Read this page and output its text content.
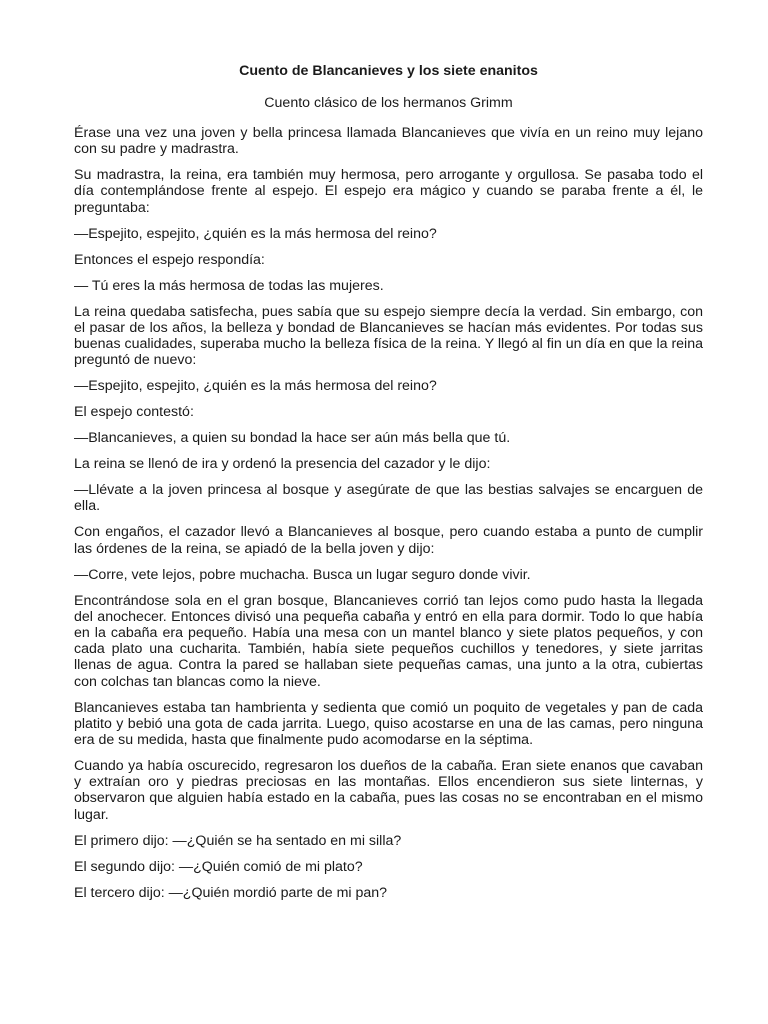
Cuento de Blancanieves y los siete enanitos
Cuento clásico de los hermanos Grimm

Érase una vez una joven y bella princesa llamada Blancanieves que vivía en un reino muy lejano con su padre y madrastra.

Su madrastra, la reina, era también muy hermosa, pero arrogante y orgullosa. Se pasaba todo el día contemplándose frente al espejo. El espejo era mágico y cuando se paraba frente a él, le preguntaba:

—Espejito, espejito, ¿quién es la más hermosa del reino?

Entonces el espejo respondía:

— Tú eres la más hermosa de todas las mujeres.

La reina quedaba satisfecha, pues sabía que su espejo siempre decía la verdad. Sin embargo, con el pasar de los años, la belleza y bondad de Blancanieves se hacían más evidentes. Por todas sus buenas cualidades, superaba mucho la belleza física de la reina. Y llegó al fin un día en que la reina preguntó de nuevo:

—Espejito, espejito, ¿quién es la más hermosa del reino?

El espejo contestó:

—Blancanieves, a quien su bondad la hace ser aún más bella que tú.

La reina se llenó de ira y ordenó la presencia del cazador y le dijo:

—Llévate a la joven princesa al bosque y asegúrate de que las bestias salvajes se encarguen de ella.

Con engaños, el cazador llevó a Blancanieves al bosque, pero cuando estaba a punto de cumplir las órdenes de la reina, se apiadó de la bella joven y dijo:

—Corre, vete lejos, pobre muchacha. Busca un lugar seguro donde vivir.

Encontrándose sola en el gran bosque, Blancanieves corrió tan lejos como pudo hasta la llegada del anochecer. Entonces divisó una pequeña cabaña y entró en ella para dormir. Todo lo que había en la cabaña era pequeño. Había una mesa con un mantel blanco y siete platos pequeños, y con cada plato una cucharita. También, había siete pequeños cuchillos y tenedores, y siete jarritas llenas de agua. Contra la pared se hallaban siete pequeñas camas, una junto a la otra, cubiertas con colchas tan blancas como la nieve.

Blancanieves estaba tan hambrienta y sedienta que comió un poquito de vegetales y pan de cada platito y bebió una gota de cada jarrita. Luego, quiso acostarse en una de las camas, pero ninguna era de su medida, hasta que finalmente pudo acomodarse en la séptima.

Cuando ya había oscurecido, regresaron los dueños de la cabaña. Eran siete enanos que cavaban y extraían oro y piedras preciosas en las montañas. Ellos encendieron sus siete linternas, y observaron que alguien había estado en la cabaña, pues las cosas no se encontraban en el mismo lugar.

El primero dijo: —¿Quién se ha sentado en mi silla?

El segundo dijo: —¿Quién comió de mi plato?

El tercero dijo: —¿Quién mordió parte de mi pan?
